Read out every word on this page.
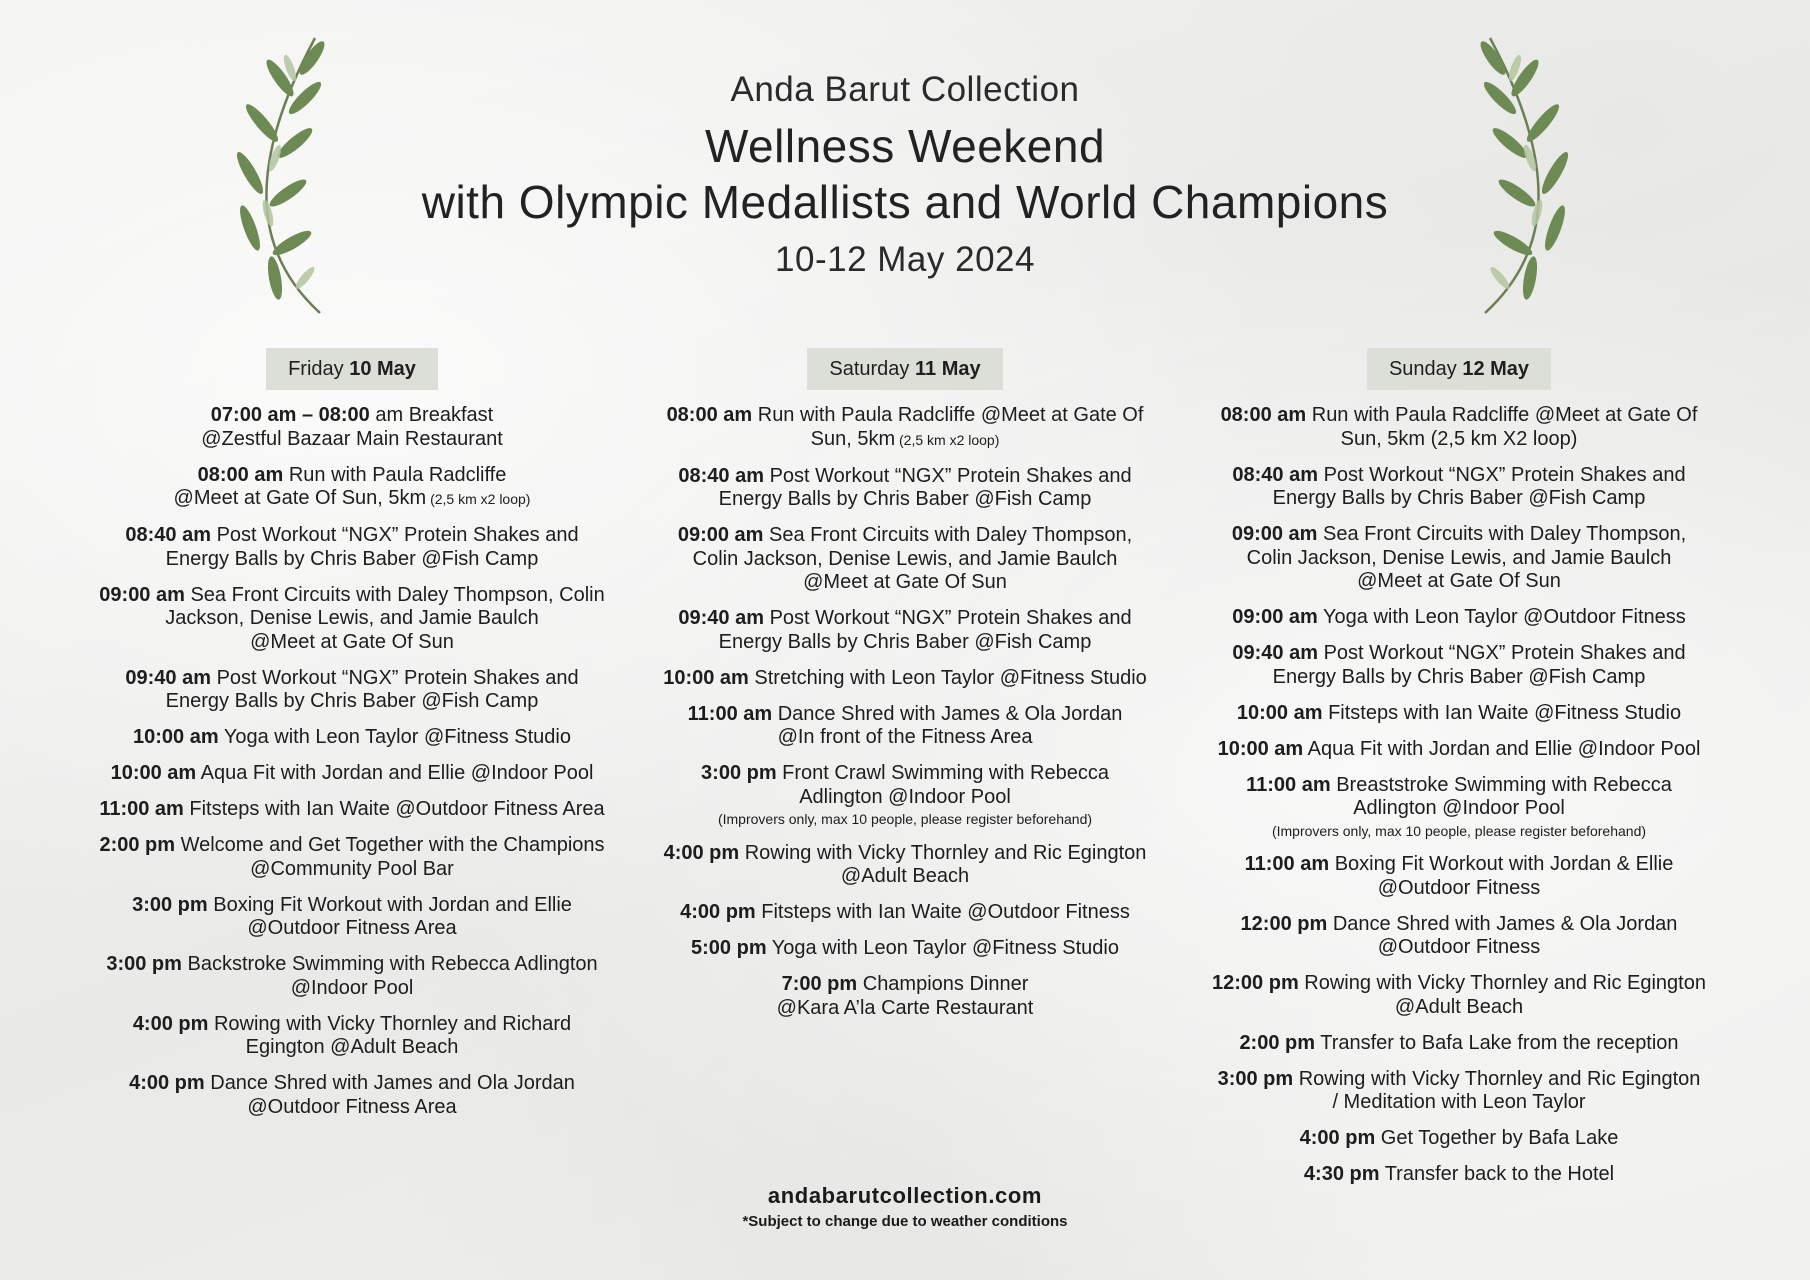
Anda Barut Collection
Wellness Weekend
with Olympic Medallists and World Champions
10-12 May 2024
Friday 10 May
07:00 am – 08:00 am Breakfast
@Zestful Bazaar Main Restaurant
08:00 am Run with Paula Radcliffe
@Meet at Gate Of Sun, 5km (2,5 km x2 loop)
08:40 am Post Workout “NGX” Protein Shakes and
Energy Balls by Chris Baber @Fish Camp
09:00 am Sea Front Circuits with Daley Thompson, Colin
Jackson, Denise Lewis, and Jamie Baulch
@Meet at Gate Of Sun
09:40 am Post Workout “NGX” Protein Shakes and
Energy Balls by Chris Baber @Fish Camp
10:00 am Yoga with Leon Taylor @Fitness Studio
10:00 am Aqua Fit with Jordan and Ellie @Indoor Pool
11:00 am Fitsteps with Ian Waite @Outdoor Fitness Area
2:00 pm Welcome and Get Together with the Champions
@Community Pool Bar
3:00 pm Boxing Fit Workout with Jordan and Ellie
@Outdoor Fitness Area
3:00 pm Backstroke Swimming with Rebecca Adlington
@Indoor Pool
4:00 pm Rowing with Vicky Thornley and Richard
Egington @Adult Beach
4:00 pm Dance Shred with James and Ola Jordan
@Outdoor Fitness Area
Saturday 11 May
08:00 am Run with Paula Radcliffe @Meet at Gate Of
Sun, 5km (2,5 km x2 loop)
08:40 am Post Workout “NGX” Protein Shakes and
Energy Balls by Chris Baber @Fish Camp
09:00 am Sea Front Circuits with Daley Thompson,
Colin Jackson, Denise Lewis, and Jamie Baulch
@Meet at Gate Of Sun
09:40 am Post Workout “NGX” Protein Shakes and
Energy Balls by Chris Baber @Fish Camp
10:00 am Stretching with Leon Taylor @Fitness Studio
11:00 am Dance Shred with James & Ola Jordan
@In front of the Fitness Area
3:00 pm Front Crawl Swimming with Rebecca
Adlington @Indoor Pool
(Improvers only, max 10 people, please register beforehand)
4:00 pm Rowing with Vicky Thornley and Ric Egington
@Adult Beach
4:00 pm Fitsteps with Ian Waite @Outdoor Fitness
5:00 pm Yoga with Leon Taylor @Fitness Studio
7:00 pm Champions Dinner
@Kara A’la Carte Restaurant
Sunday 12 May
08:00 am Run with Paula Radcliffe @Meet at Gate Of
Sun, 5km (2,5 km X2 loop)
08:40 am Post Workout “NGX” Protein Shakes and
Energy Balls by Chris Baber @Fish Camp
09:00 am Sea Front Circuits with Daley Thompson,
Colin Jackson, Denise Lewis, and Jamie Baulch
@Meet at Gate Of Sun
09:00 am Yoga with Leon Taylor @Outdoor Fitness
09:40 am Post Workout “NGX” Protein Shakes and
Energy Balls by Chris Baber @Fish Camp
10:00 am Fitsteps with Ian Waite @Fitness Studio
10:00 am Aqua Fit with Jordan and Ellie @Indoor Pool
11:00 am Breaststroke Swimming with Rebecca
Adlington @Indoor Pool
(Improvers only, max 10 people, please register beforehand)
11:00 am Boxing Fit Workout with Jordan & Ellie
@Outdoor Fitness
12:00 pm Dance Shred with James & Ola Jordan
@Outdoor Fitness
12:00 pm Rowing with Vicky Thornley and Ric Egington
@Adult Beach
2:00 pm Transfer to Bafa Lake from the reception
3:00 pm Rowing with Vicky Thornley and Ric Egington
/ Meditation with Leon Taylor
4:00 pm Get Together by Bafa Lake
4:30 pm Transfer back to the Hotel
andabarutcollection.com
*Subject to change due to weather conditions
